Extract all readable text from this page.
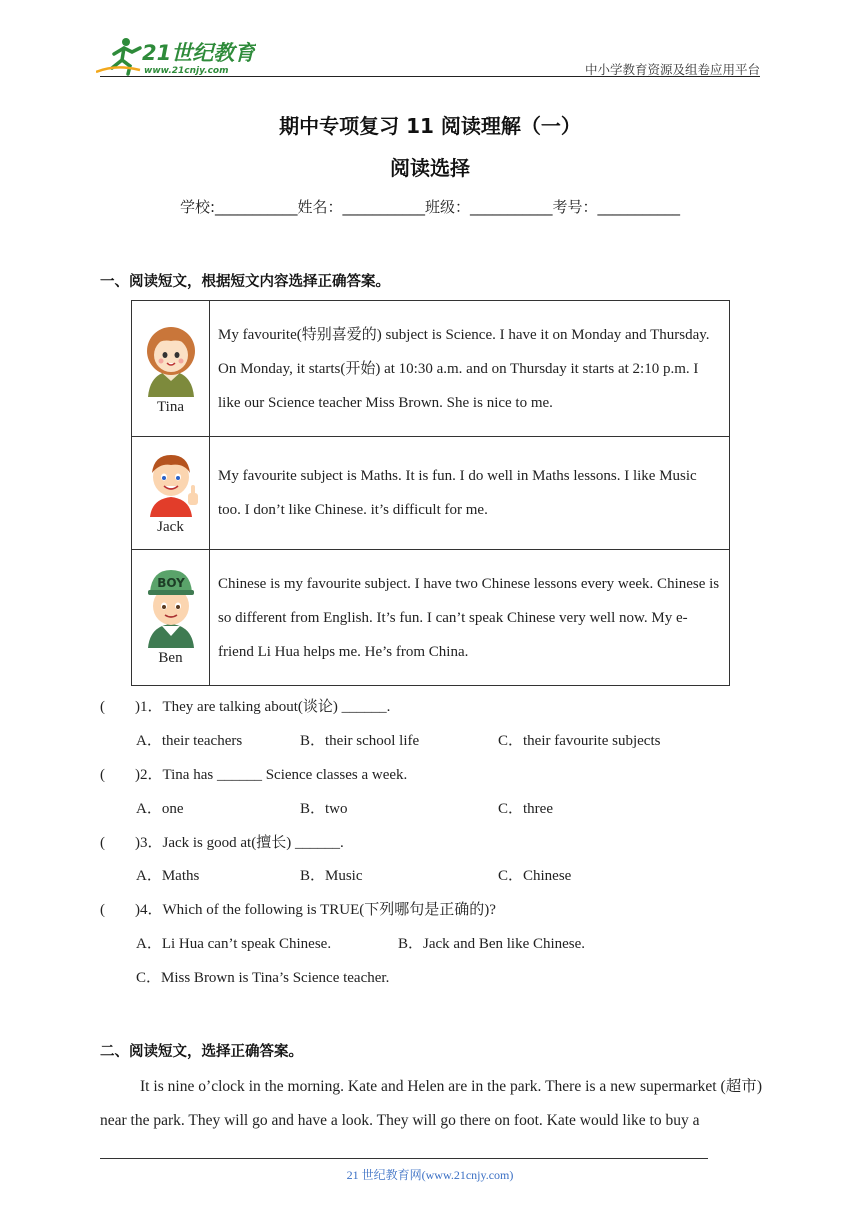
21世纪教育
www.21cnjy.com	中小学教育资源及组卷应用平台
期中专项复习 11 阅读理解（一）
阅读选择
学校:___________姓名：___________班级：___________考号：___________
一、阅读短文，根据短文内容选择正确答案。
Tina	My favourite(特别喜爱的) subject is Science. I have it on Monday and Thursday. On Monday, it starts(开始) at 10:30 a.m. and on Thursday it starts at 2:10 p.m. I like our Science teacher Miss Brown. She is nice to me.

Jack	My favourite subject is Maths. It is fun. I do well in Maths lessons. I like Music too. I don’t like Chinese. it’s difficult for me.

BOY
Ben	Chinese is my favourite subject. I have two Chinese lessons every week. Chinese is so different from English. It’s fun. I can’t speak Chinese very well now. My e-friend Li Hua helps me. He’s from China.
(　　)1．They are talking about(谈论) ______.
A．their teachers	B．their school life	C．their favourite subjects
(　　)2．Tina has ______ Science classes a week.
A．one	B．two	C．three
(　　)3．Jack is good at(擅长) ______.
A．Maths	B．Music	C．Chinese
(　　)4．Which of the following is TRUE(下列哪句是正确的)?
A．Li Hua can’t speak Chinese.	B．Jack and Ben like Chinese.
C．Miss Brown is Tina’s Science teacher.
二、阅读短文，选择正确答案。
It is nine o’clock in the morning. Kate and Helen are in the park. There is a new supermarket (超市) near the park. They will go and have a look. They will go there on foot. Kate would like to buy a
21 世纪教育网(www.21cnjy.com)
